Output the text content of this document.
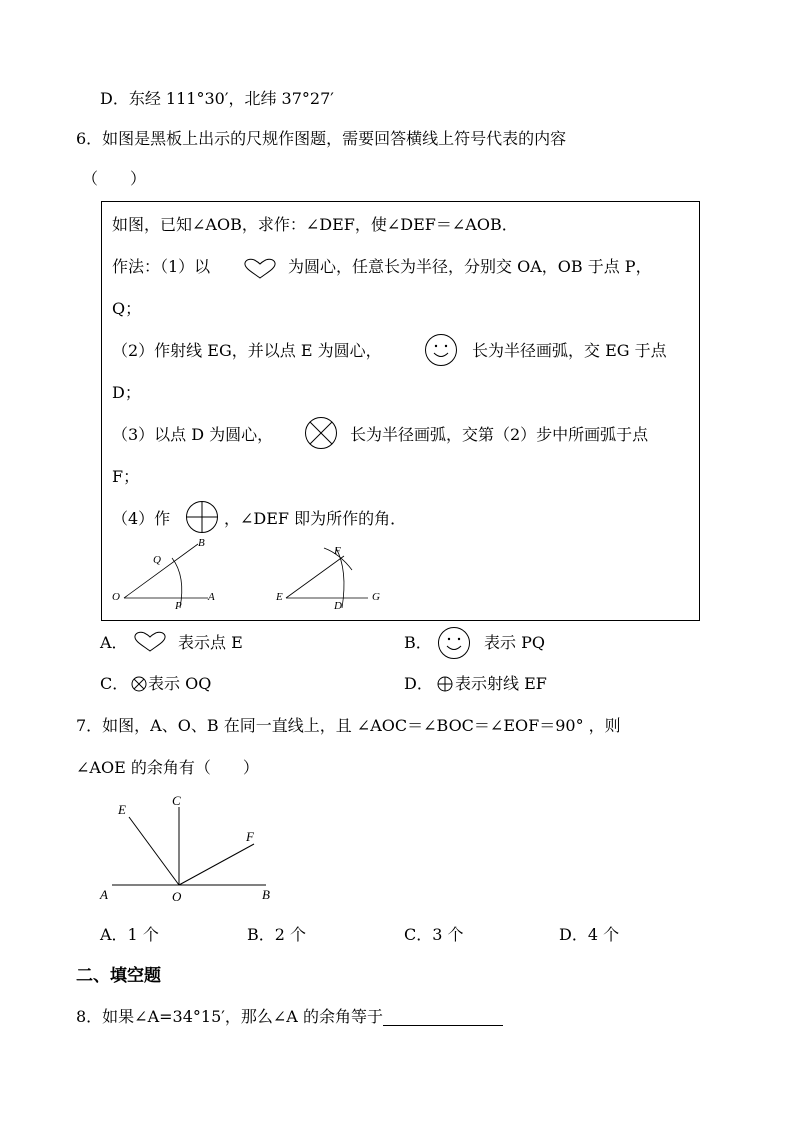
D．东经 111°30′，北纬 37°27′
6．如图是黑板上出示的尺规作图题，需要回答横线上符号代表的内容
（　　）
如图，已知∠AOB，求作：∠DEF，使∠DEF＝∠AOB．
作法：（1）以	为圆心，任意长为半径，分别交 OA，OB 于点 P，
Q；
（2）作射线 EG，并以点 E 为圆心，	长为半径画弧，交 EG 于点
D；
（3）以点 D 为圆心，	长为半径画弧，交第（2）步中所画弧于点
F；
（4）作	，∠DEF 即为所作的角．
B
Q
O
P
A
F
E
D
G
A．	表示点 E	B．	表示 PQ
C． 表示 OQ	D． 表示射线 EF
7．如图，A、O、B 在同一直线上，且 ∠AOC＝∠BOC＝∠EOF＝90° ，则
∠AOE 的余角有（　　）
E
C
F
A	O	B
A．1 个	B．2 个	C．3 个	D．4 个
二、填空题
8．如果∠A=34°15′，那么∠A 的余角等于
